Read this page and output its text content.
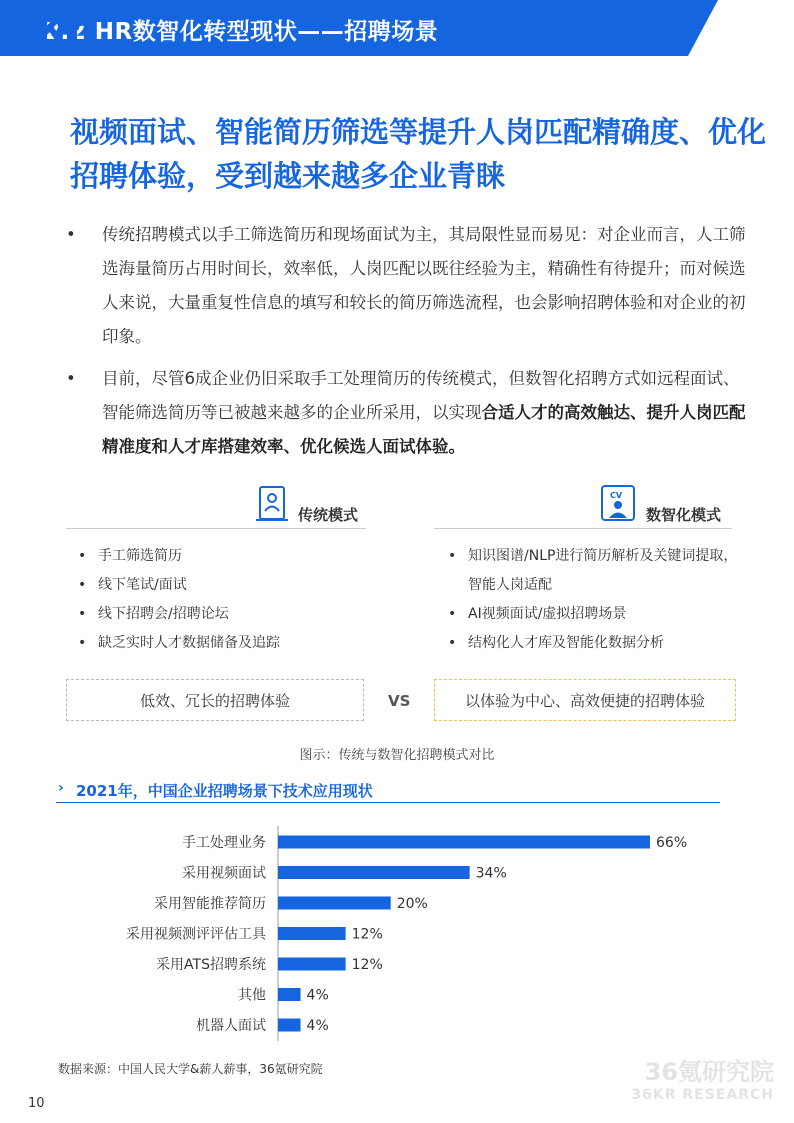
2.2 HR数智化转型现状——招聘场景
36
视频面试、智能简历筛选等提升人岗匹配精确度、优化招聘体验，受到越来越多企业青睐
• 传统招聘模式以手工筛选简历和现场面试为主，其局限性显而易见：对企业而言，人工筛选海量简历占用时间长，效率低，人岗匹配以既往经验为主，精确性有待提升；而对候选人来说，大量重复性信息的填写和较长的简历筛选流程，也会影响招聘体验和对企业的初印象。
• 目前，尽管6成企业仍旧采取手工处理简历的传统模式，但数智化招聘方式如远程面试、智能筛选简历等已被越来越多的企业所采用，以实现合适人才的高效触达、提升人岗匹配精准度和人才库搭建效率、优化候选人面试体验。
传统模式
• 手工筛选简历
• 线下笔试/面试
• 线下招聘会/招聘论坛
• 缺乏实时人才数据储备及追踪
CV
数智化模式
• 知识图谱/NLP进行简历解析及关键词提取，智能人岗适配
• AI视频面试/虚拟招聘场景
• 结构化人才库及智能化数据分析
低效、冗长的招聘体验	VS	以体验为中心、高效便捷的招聘体验
图示：传统与数智化招聘模式对比
› 2021年，中国企业招聘场景下技术应用现状
手工处理业务	66%
采用视频面试	34%
采用智能推荐简历	20%
采用视频测评评估工具	12%
采用ATS招聘系统	12%
其他	4%
机器人面试	4%
数据来源：中国人民大学&薪人薪事，36氪研究院	36氪研究院
36KR RESEARCH
10
